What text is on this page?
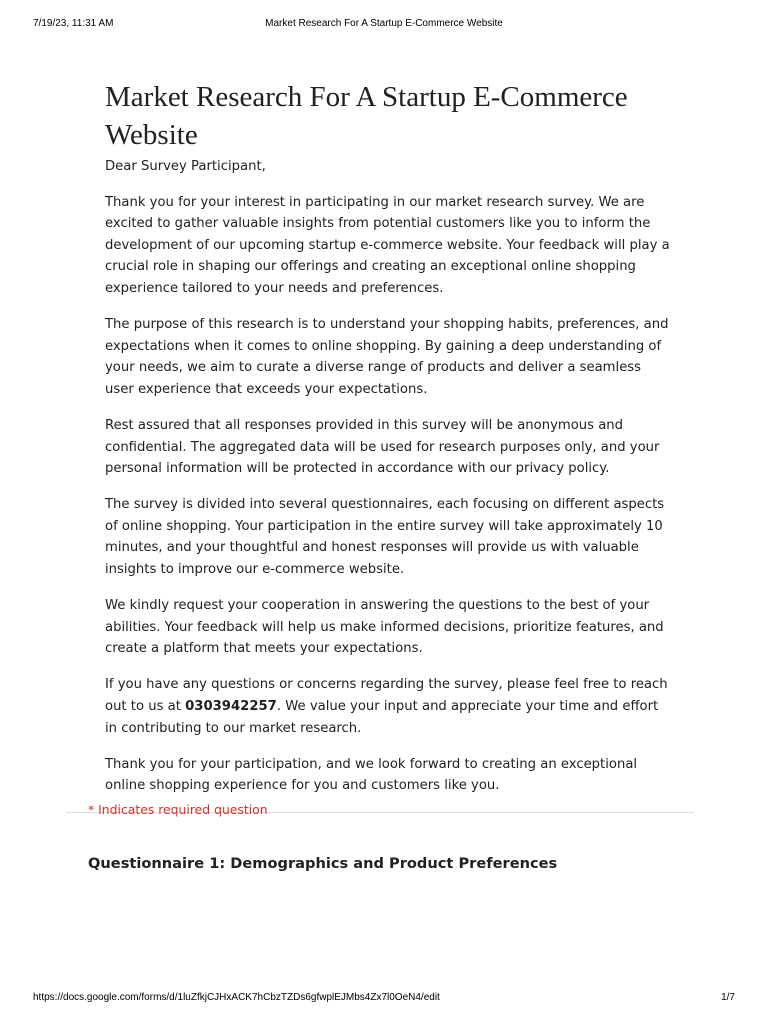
7/19/23, 11:31 AM	Market Research For A Startup E-Commerce Website
Market Research For A Startup E-Commerce Website

Dear Survey Participant,

Thank you for your interest in participating in our market research survey. We are excited to gather valuable insights from potential customers like you to inform the development of our upcoming startup e-commerce website. Your feedback will play a crucial role in shaping our offerings and creating an exceptional online shopping experience tailored to your needs and preferences.

The purpose of this research is to understand your shopping habits, preferences, and expectations when it comes to online shopping. By gaining a deep understanding of your needs, we aim to curate a diverse range of products and deliver a seamless user experience that exceeds your expectations.

Rest assured that all responses provided in this survey will be anonymous and confidential. The aggregated data will be used for research purposes only, and your personal information will be protected in accordance with our privacy policy.

The survey is divided into several questionnaires, each focusing on different aspects of online shopping. Your participation in the entire survey will take approximately 10 minutes, and your thoughtful and honest responses will provide us with valuable insights to improve our e-commerce website.

We kindly request your cooperation in answering the questions to the best of your abilities. Your feedback will help us make informed decisions, prioritize features, and create a platform that meets your expectations.

If you have any questions or concerns regarding the survey, please feel free to reach out to us at 0303942257. We value your input and appreciate your time and effort in contributing to our market research.

Thank you for your participation, and we look forward to creating an exceptional online shopping experience for you and customers like you.

* Indicates required question
Questionnaire 1: Demographics and Product Preferences
https://docs.google.com/forms/d/1luZfkjCJHxACK7hCbzTZDs6gfwplEJMbs4Zx7l0OeN4/edit	1/7
